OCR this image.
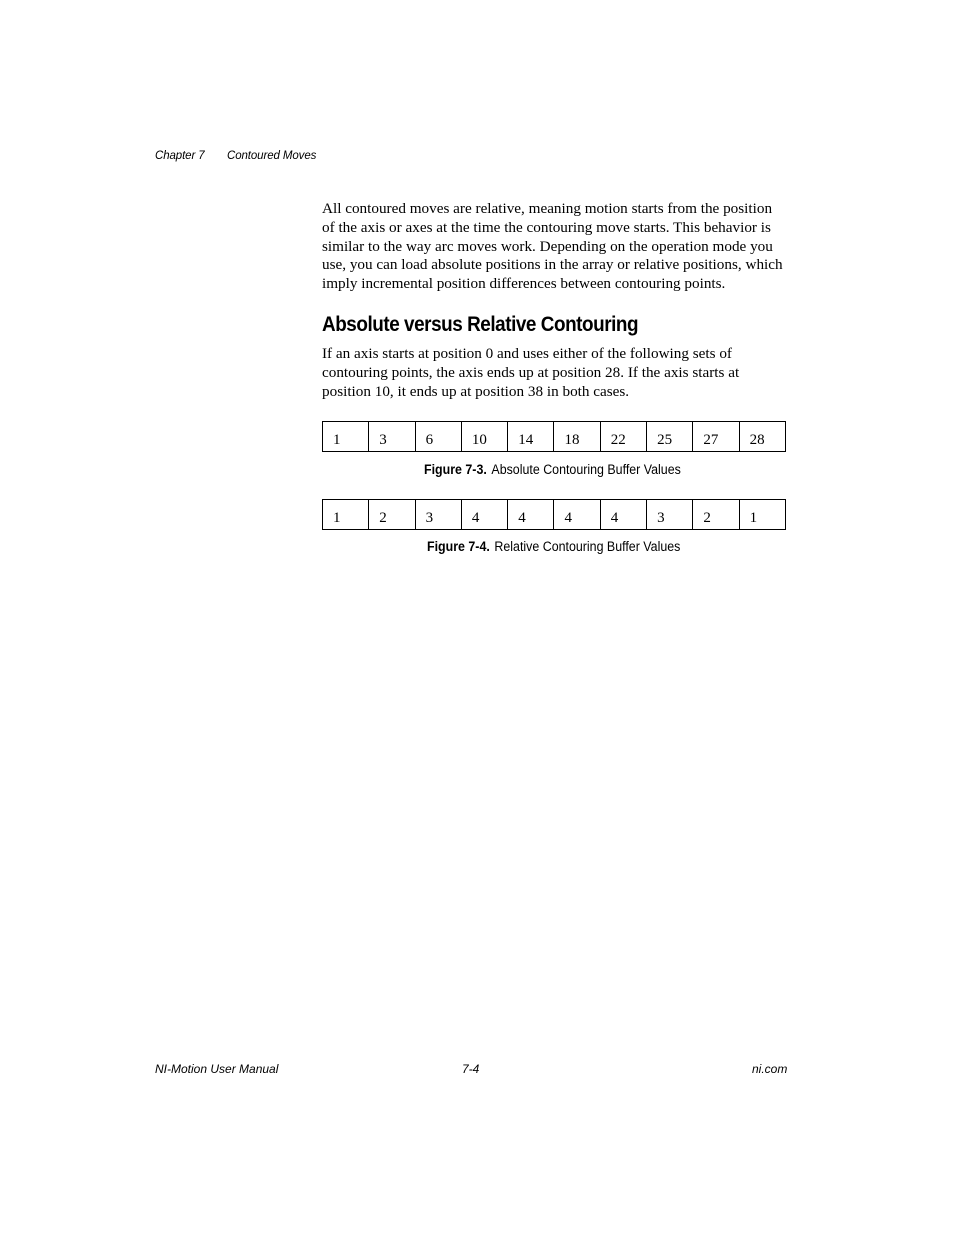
Chapter 7 Contoured Moves
All contoured moves are relative, meaning motion starts from the position
of the axis or axes at the time the contouring move starts. This behavior is
similar to the way arc moves work. Depending on the operation mode you
use, you can load absolute positions in the array or relative positions, which
imply incremental position differences between contouring points.
Absolute versus Relative Contouring
If an axis starts at position 0 and uses either of the following sets of
contouring points, the axis ends up at position 28. If the axis starts at
position 10, it ends up at position 38 in both cases.
1	3	6	10	14	18	22	25	27	28
Figure 7-3. Absolute Contouring Buffer Values
1	2	3	4	4	4	4	3	2	1
Figure 7-4. Relative Contouring Buffer Values
NI-Motion User Manual	7-4	ni.com
